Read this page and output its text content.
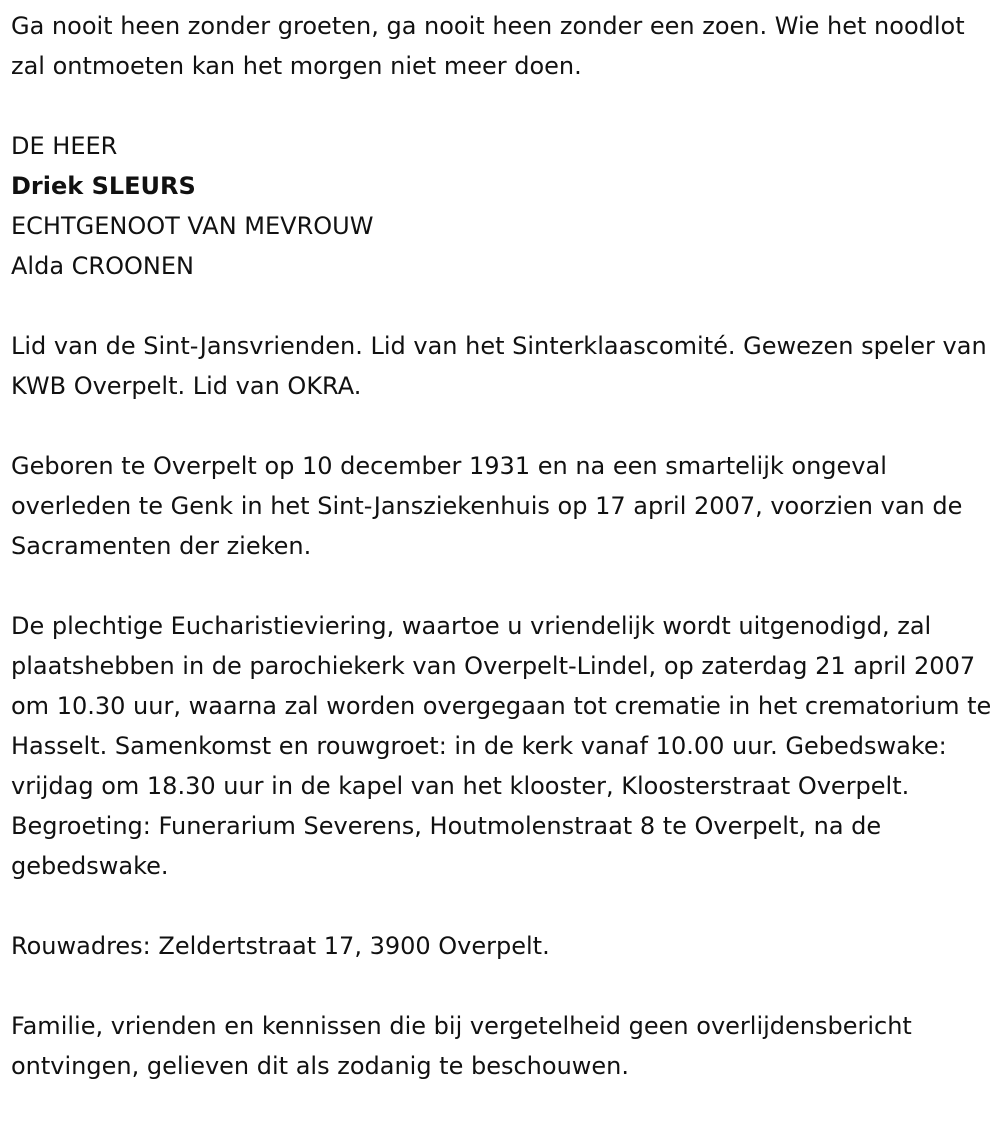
Ga nooit heen zonder groeten, ga nooit heen zonder een zoen. Wie het noodlot zal ontmoeten kan het morgen niet meer doen.

DE HEER
Driek SLEURS
ECHTGENOOT VAN MEVROUW
Alda CROONEN

Lid van de Sint-Jansvrienden. Lid van het Sinterklaascomité. Gewezen speler van KWB Overpelt. Lid van OKRA.

Geboren te Overpelt op 10 december 1931 en na een smartelijk ongeval overleden te Genk in het Sint-Jansziekenhuis op 17 april 2007, voorzien van de Sacramenten der zieken.

De plechtige Eucharistieviering, waartoe u vriendelijk wordt uitgenodigd, zal plaatshebben in de parochiekerk van Overpelt-Lindel, op zaterdag 21 april 2007 om 10.30 uur, waarna zal worden overgegaan tot crematie in het crematorium te Hasselt. Samenkomst en rouwgroet: in de kerk vanaf 10.00 uur. Gebedswake: vrijdag om 18.30 uur in de kapel van het klooster, Kloosterstraat Overpelt. Begroeting: Funerarium Severens, Houtmolenstraat 8 te Overpelt, na de gebedswake.

Rouwadres: Zeldertstraat 17, 3900 Overpelt.

Familie, vrienden en kennissen die bij vergetelheid geen overlijdensbericht ontvingen, gelieven dit als zodanig te beschouwen.
